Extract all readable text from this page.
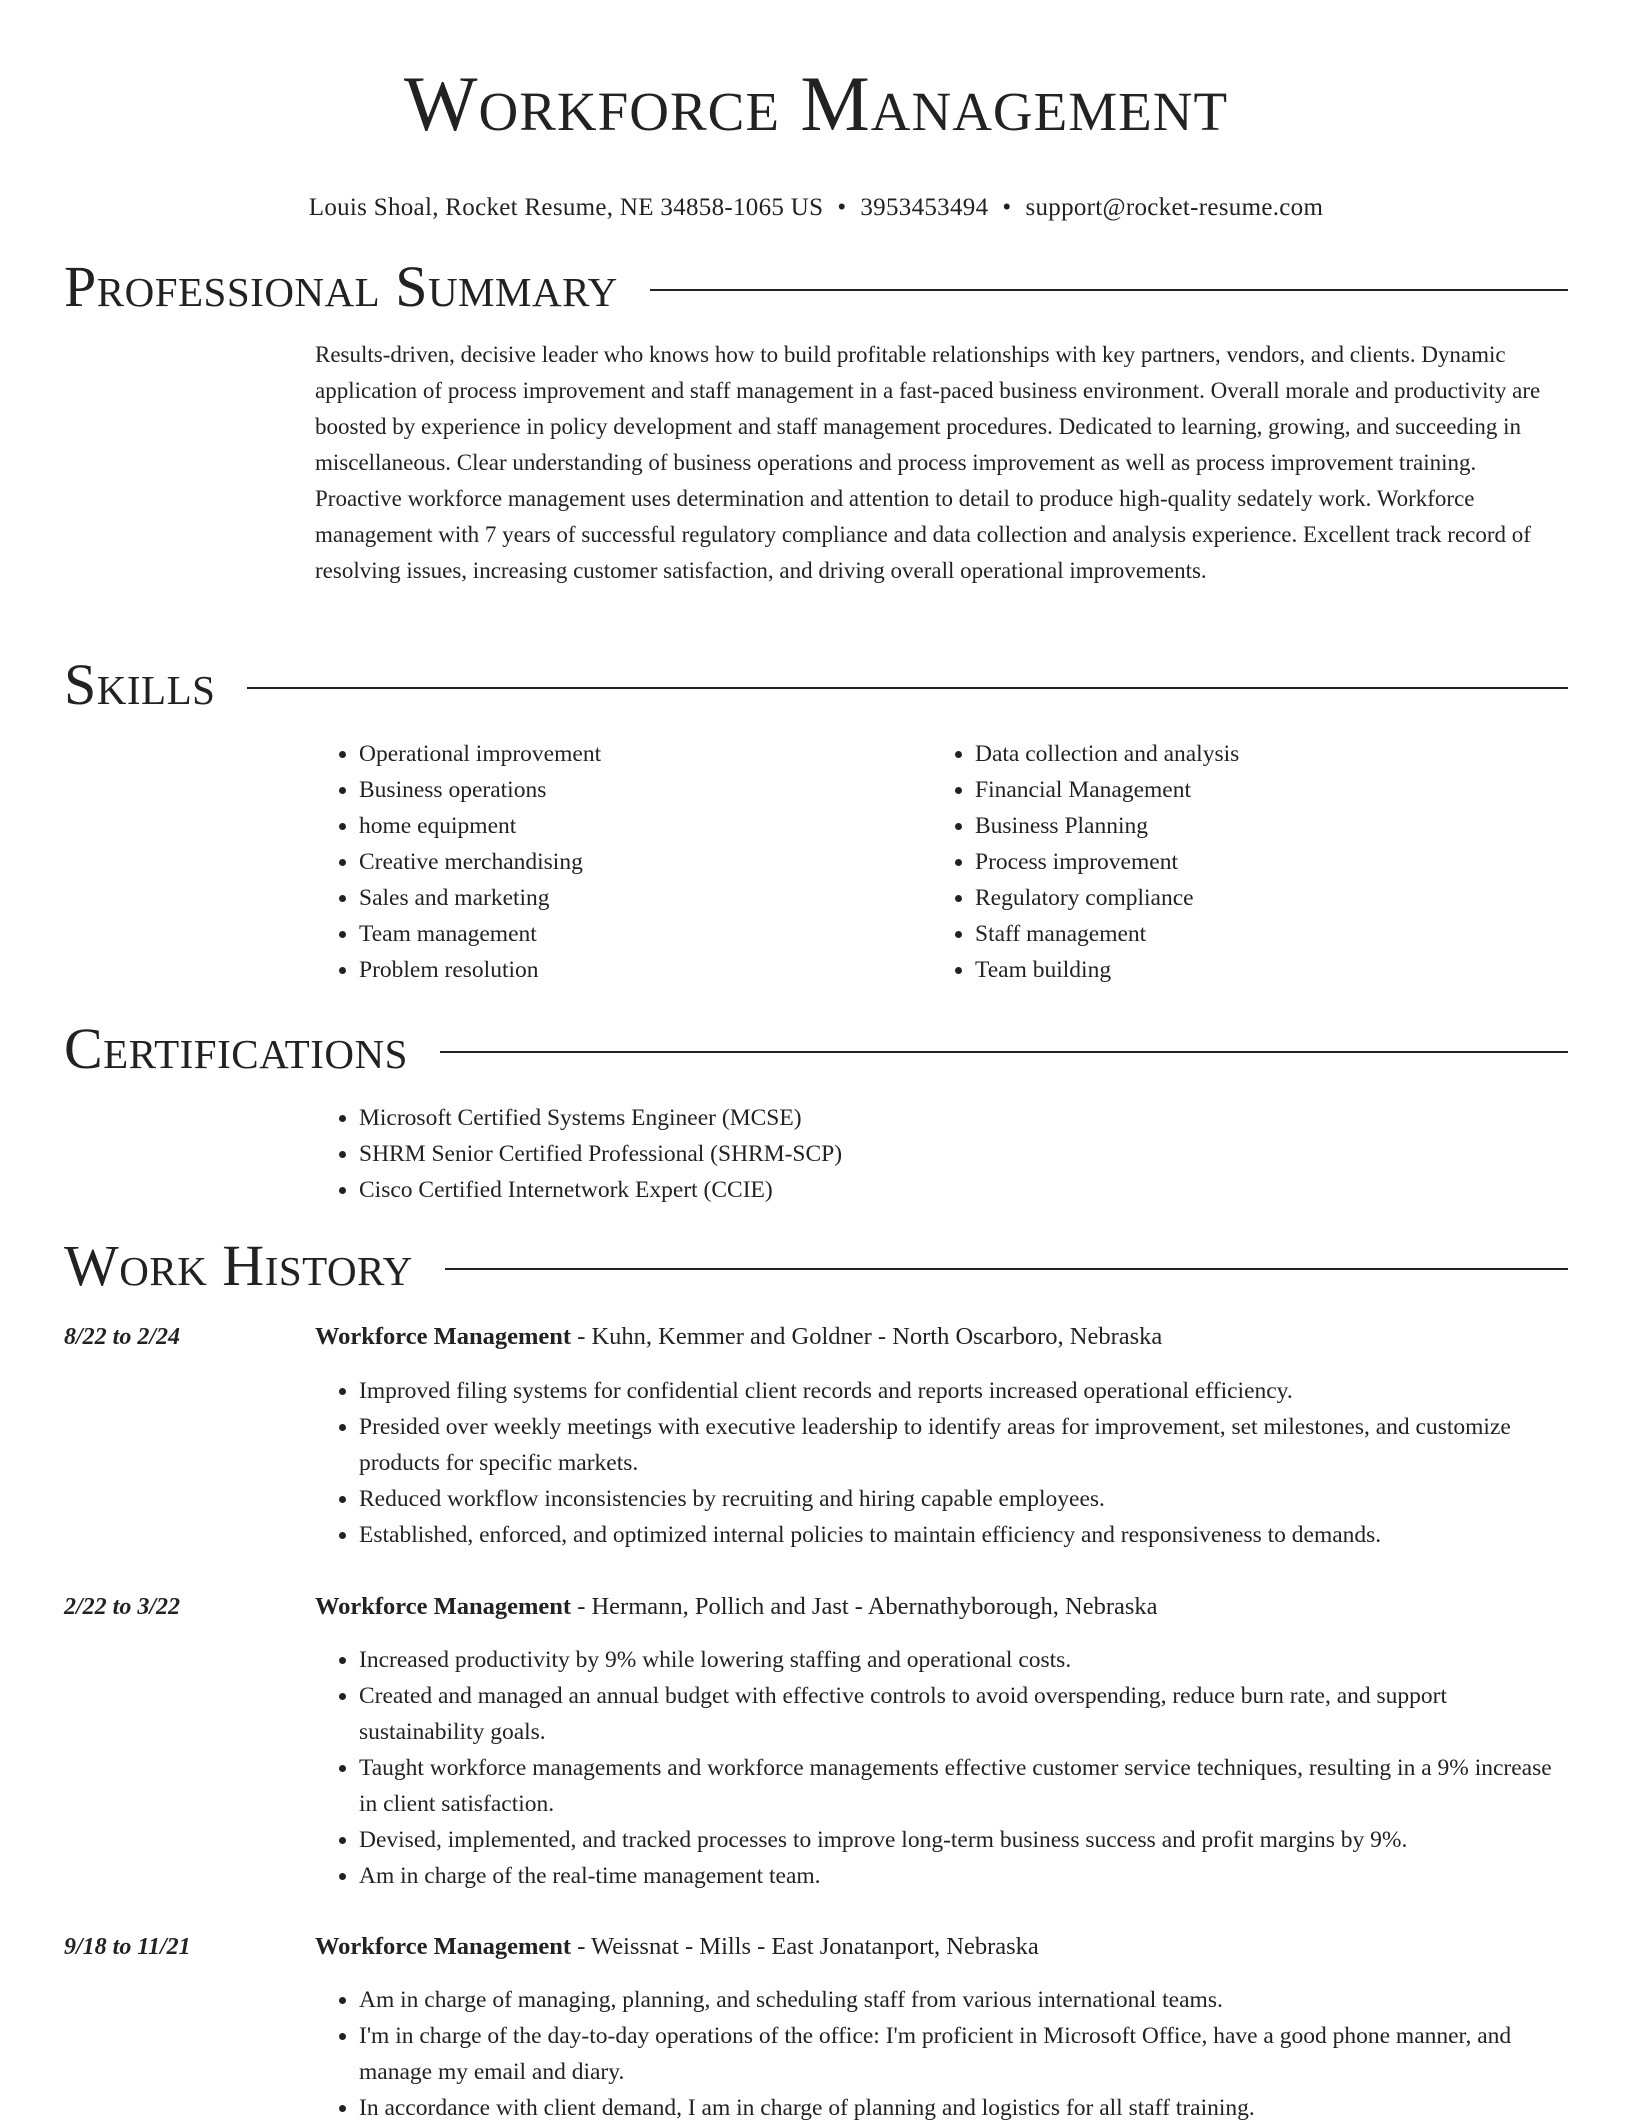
Workforce Management
Louis Shoal, Rocket Resume, NE 34858-1065 US • 3953453494 • support@rocket-resume.com
Professional Summary
Results-driven, decisive leader who knows how to build profitable relationships with key partners, vendors, and clients. Dynamic application of process improvement and staff management in a fast-paced business environment. Overall morale and productivity are boosted by experience in policy development and staff management procedures. Dedicated to learning, growing, and succeeding in miscellaneous. Clear understanding of business operations and process improvement as well as process improvement training. Proactive workforce management uses determination and attention to detail to produce high-quality sedately work. Workforce management with 7 years of successful regulatory compliance and data collection and analysis experience. Excellent track record of resolving issues, increasing customer satisfaction, and driving overall operational improvements.
Skills
• Operational improvement
• Business operations
• home equipment
• Creative merchandising
• Sales and marketing
• Team management
• Problem resolution
• Data collection and analysis
• Financial Management
• Business Planning
• Process improvement
• Regulatory compliance
• Staff management
• Team building
Certifications
• Microsoft Certified Systems Engineer (MCSE)
• SHRM Senior Certified Professional (SHRM-SCP)
• Cisco Certified Internetwork Expert (CCIE)
Work History
8/22 to 2/24	Workforce Management - Kuhn, Kemmer and Goldner - North Oscarboro, Nebraska
• Improved filing systems for confidential client records and reports increased operational efficiency.
• Presided over weekly meetings with executive leadership to identify areas for improvement, set milestones, and customize products for specific markets.
• Reduced workflow inconsistencies by recruiting and hiring capable employees.
• Established, enforced, and optimized internal policies to maintain efficiency and responsiveness to demands.
2/22 to 3/22	Workforce Management - Hermann, Pollich and Jast - Abernathyborough, Nebraska
• Increased productivity by 9% while lowering staffing and operational costs.
• Created and managed an annual budget with effective controls to avoid overspending, reduce burn rate, and support sustainability goals.
• Taught workforce managements and workforce managements effective customer service techniques, resulting in a 9% increase in client satisfaction.
• Devised, implemented, and tracked processes to improve long-term business success and profit margins by 9%.
• Am in charge of the real-time management team.
9/18 to 11/21	Workforce Management - Weissnat - Mills - East Jonatanport, Nebraska
• Am in charge of managing, planning, and scheduling staff from various international teams.
• I'm in charge of the day-to-day operations of the office: I'm proficient in Microsoft Office, have a good phone manner, and manage my email and diary.
• In accordance with client demand, I am in charge of planning and logistics for all staff training.
